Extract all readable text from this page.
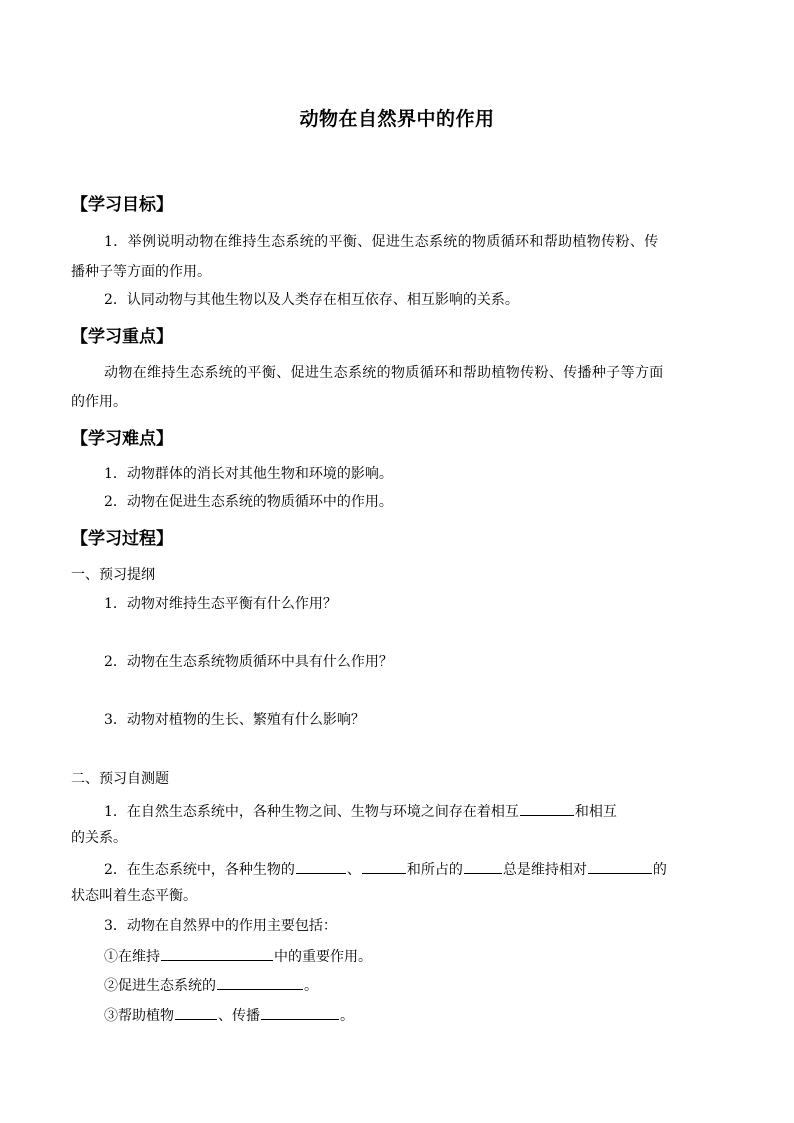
动物在自然界中的作用
【学习目标】
1．举例说明动物在维持生态系统的平衡、促进生态系统的物质循环和帮助植物传粉、传
播种子等方面的作用。
2．认同动物与其他生物以及人类存在相互依存、相互影响的关系。
【学习重点】
动物在维持生态系统的平衡、促进生态系统的物质循环和帮助植物传粉、传播种子等方面
的作用。
【学习难点】
1．动物群体的消长对其他生物和环境的影响。
2．动物在促进生态系统的物质循环中的作用。
【学习过程】
一、预习提纲
1．动物对维持生态平衡有什么作用？
2．动物在生态系统物质循环中具有什么作用？
3．动物对植物的生长、繁殖有什么影响？
二、预习自测题
1．在自然生态系统中，各种生物之间、生物与环境之间存在着相互	和相互
的关系。
2．在生态系统中，各种生物的	、	和所占的	总是维持相对	的
状态叫着生态平衡。
3．动物在自然界中的作用主要包括：
①在维持	中的重要作用。
②促进生态系统的	。
③帮助植物	、传播	。
